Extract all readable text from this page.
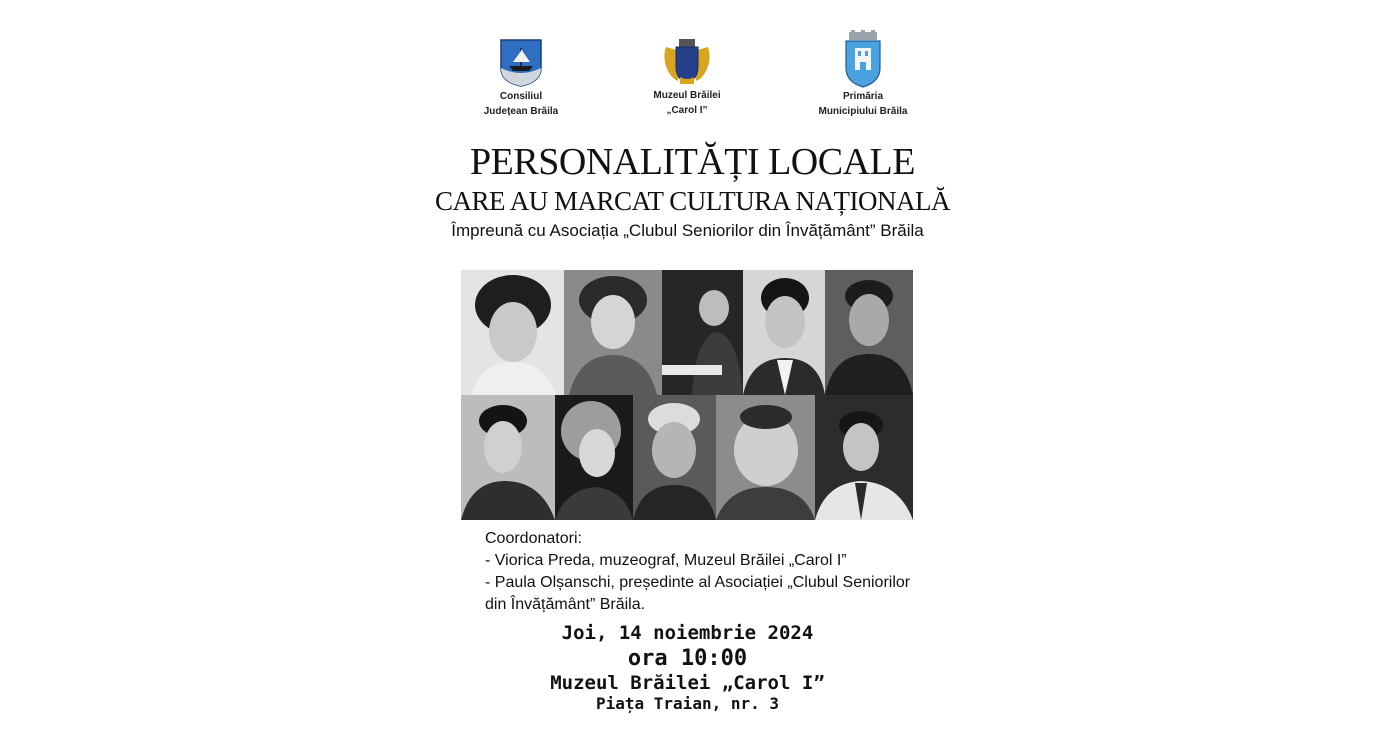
Consiliul
Județean Brăila
Muzeul Brăilei
„Carol I”
Primăria
Municipiului Brăila
PERSONALITĂȚI LOCALE
CARE AU MARCAT CULTURA NAȚIONALĂ
Împreună cu Asociația „Clubul Seniorilor din Învățământ” Brăila
Coordonatori:
- Viorica Preda, muzeograf, Muzeul Brăilei „Carol I”
- Paula Olșanschi, președinte al Asociației „Clubul Seniorilor
din Învățământ” Brăila.
Joi, 14 noiembrie 2024
ora 10:00
Muzeul Brăilei „Carol I”
Piața Traian, nr. 3
